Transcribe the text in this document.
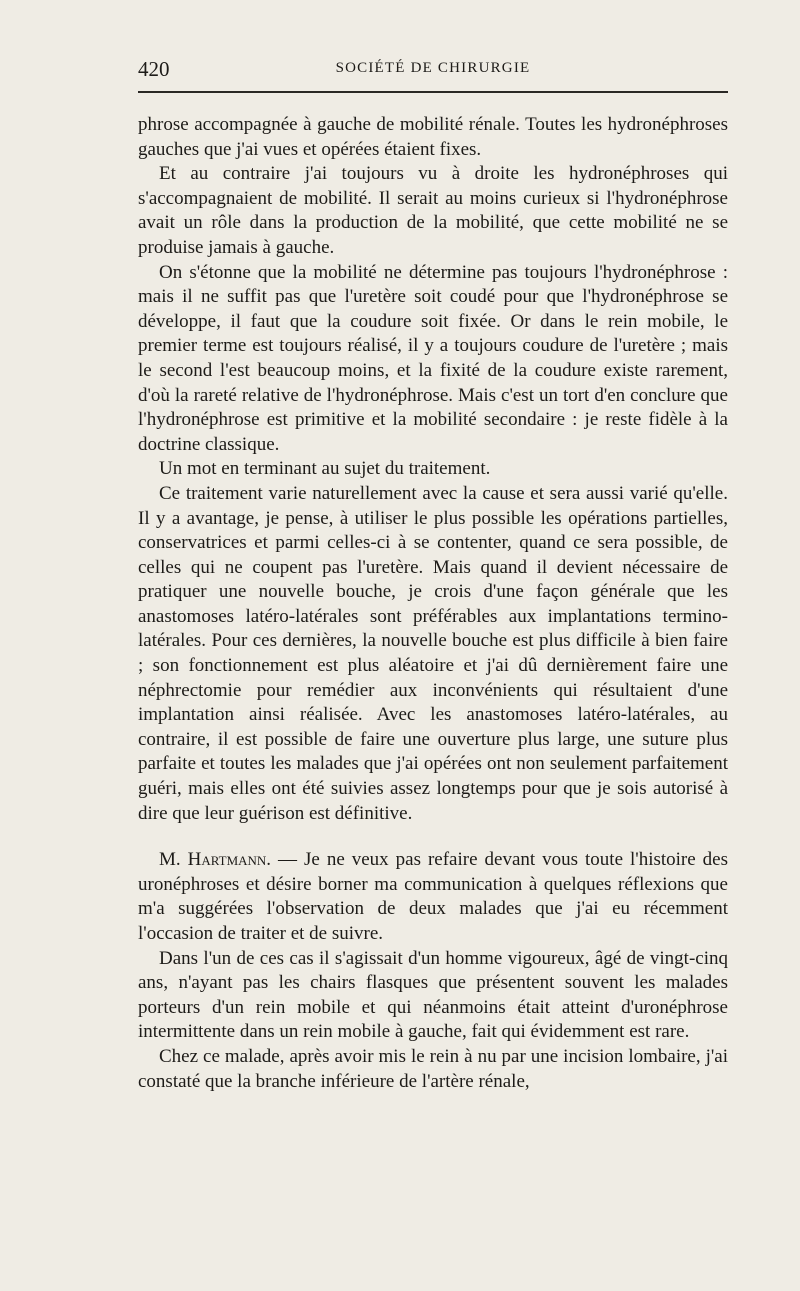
420	SOCIÉTÉ DE CHIRURGIE

phrose accompagnée à gauche de mobilité rénale. Toutes les hydronéphroses gauches que j'ai vues et opérées étaient fixes.

Et au contraire j'ai toujours vu à droite les hydronéphroses qui s'accompagnaient de mobilité. Il serait au moins curieux si l'hydronéphrose avait un rôle dans la production de la mobilité, que cette mobilité ne se produise jamais à gauche.

On s'étonne que la mobilité ne détermine pas toujours l'hydronéphrose : mais il ne suffit pas que l'uretère soit coudé pour que l'hydronéphrose se développe, il faut que la coudure soit fixée. Or dans le rein mobile, le premier terme est toujours réalisé, il y a toujours coudure de l'uretère ; mais le second l'est beaucoup moins, et la fixité de la coudure existe rarement, d'où la rareté relative de l'hydronéphrose. Mais c'est un tort d'en conclure que l'hydronéphrose est primitive et la mobilité secondaire : je reste fidèle à la doctrine classique.

Un mot en terminant au sujet du traitement.

Ce traitement varie naturellement avec la cause et sera aussi varié qu'elle. Il y a avantage, je pense, à utiliser le plus possible les opérations partielles, conservatrices et parmi celles-ci à se contenter, quand ce sera possible, de celles qui ne coupent pas l'uretère. Mais quand il devient nécessaire de pratiquer une nouvelle bouche, je crois d'une façon générale que les anastomoses latéro-latérales sont préférables aux implantations termino-latérales. Pour ces dernières, la nouvelle bouche est plus difficile à bien faire ; son fonctionnement est plus aléatoire et j'ai dû dernièrement faire une néphrectomie pour remédier aux inconvénients qui résultaient d'une implantation ainsi réalisée. Avec les anastomoses latéro-latérales, au contraire, il est possible de faire une ouverture plus large, une suture plus parfaite et toutes les malades que j'ai opérées ont non seulement parfaitement guéri, mais elles ont été suivies assez longtemps pour que je sois autorisé à dire que leur guérison est définitive.

M. Hartmann. — Je ne veux pas refaire devant vous toute l'histoire des uronéphroses et désire borner ma communication à quelques réflexions que m'a suggérées l'observation de deux malades que j'ai eu récemment l'occasion de traiter et de suivre.

Dans l'un de ces cas il s'agissait d'un homme vigoureux, âgé de vingt-cinq ans, n'ayant pas les chairs flasques que présentent souvent les malades porteurs d'un rein mobile et qui néanmoins était atteint d'uronéphrose intermittente dans un rein mobile à gauche, fait qui évidemment est rare.

Chez ce malade, après avoir mis le rein à nu par une incision lombaire, j'ai constaté que la branche inférieure de l'artère rénale,
